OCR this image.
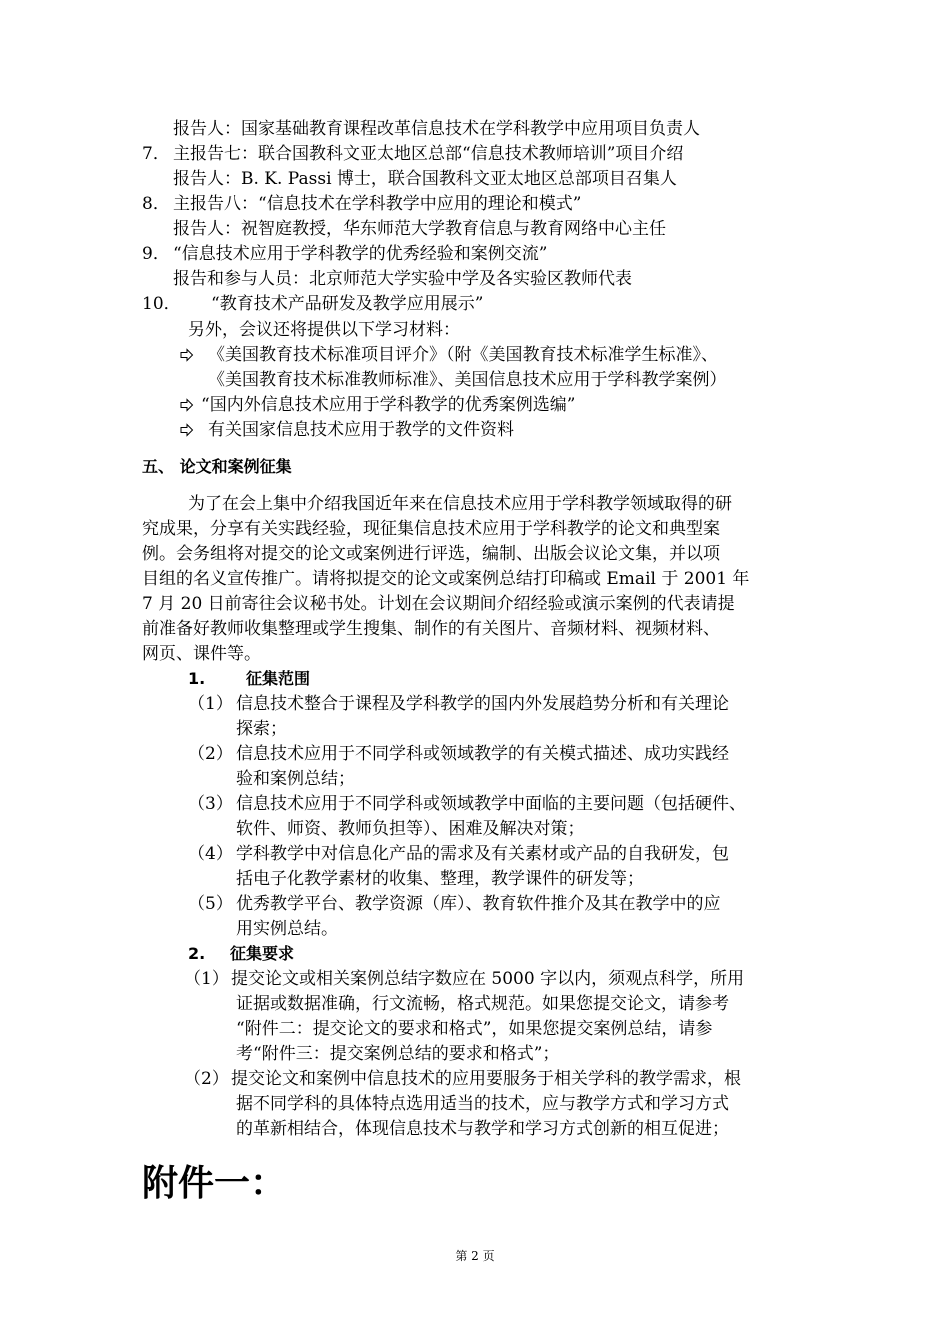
报告人：国家基础教育课程改革信息技术在学科教学中应用项目负责人
7． 主报告七：联合国教科文亚太地区总部“信息技术教师培训”项目介绍
报告人：B. K. Passi 博士，联合国教科文亚太地区总部项目召集人
8． 主报告八：“信息技术在学科教学中应用的理论和模式”
报告人：祝智庭教授，华东师范大学教育信息与教育网络中心主任
9． “信息技术应用于学科教学的优秀经验和案例交流”
报告和参与人员：北京师范大学实验中学及各实验区教师代表
10． “教育技术产品研发及教学应用展示”
另外，会议还将提供以下学习材料：
《美国教育技术标准项目评介》（附《美国教育技术标准学生标准》、
《美国教育技术标准教师标准》、美国信息技术应用于学科教学案例）
“国内外信息技术应用于学科教学的优秀案例选编”
有关国家信息技术应用于教学的文件资料
五、 论文和案例征集
为了在会上集中介绍我国近年来在信息技术应用于学科教学领域取得的研
究成果，分享有关实践经验，现征集信息技术应用于学科教学的论文和典型案
例。会务组将对提交的论文或案例进行评选，编制、出版会议论文集，并以项
目组的名义宣传推广。请将拟提交的论文或案例总结打印稿或 Email 于 2001 年
7 月 20 日前寄往会议秘书处。计划在会议期间介绍经验或演示案例的代表请提
前准备好教师收集整理或学生搜集、制作的有关图片、音频材料、视频材料、
网页、课件等。
1.	征集范围
（1） 信息技术整合于课程及学科教学的国内外发展趋势分析和有关理论
探索；
（2） 信息技术应用于不同学科或领域教学的有关模式描述、成功实践经
验和案例总结；
（3） 信息技术应用于不同学科或领域教学中面临的主要问题（包括硬件、
软件、师资、教师负担等）、困难及解决对策；
（4） 学科教学中对信息化产品的需求及有关素材或产品的自我研发，包
括电子化教学素材的收集、整理，教学课件的研发等；
（5） 优秀教学平台、教学资源（库）、教育软件推介及其在教学中的应
用实例总结。
2. 征集要求
（1） 提交论文或相关案例总结字数应在 5000 字以内，须观点科学，所用
证据或数据准确，行文流畅，格式规范。如果您提交论文，请参考
“附件二：提交论文的要求和格式”，如果您提交案例总结，请参
考“附件三：提交案例总结的要求和格式”；
（2） 提交论文和案例中信息技术的应用要服务于相关学科的教学需求，根
据不同学科的具体特点选用适当的技术，应与教学方式和学习方式
的革新相结合，体现信息技术与教学和学习方式创新的相互促进；
附件一：
第 2 页
